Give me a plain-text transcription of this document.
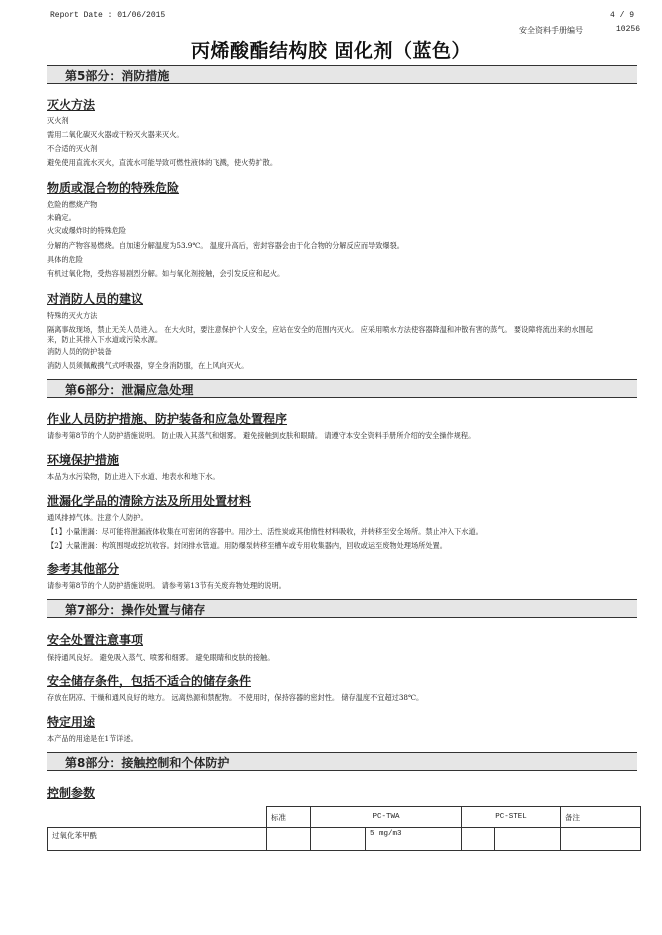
Report Date : 01/06/2015	4 / 9
安全资料手册编号	10256
丙烯酸酯结构胶 固化剂（蓝色）
第5部分：消防措施
灭火方法
灭火剂
需用二氧化碳灭火器或干粉灭火器来灭火。
不合适的灭火剂
避免使用直流水灭火，直流水可能导致可燃性液体的飞溅，使火势扩散。
物质或混合物的特殊危险
危险的燃烧产物
未确定。
火灾或爆炸时的特殊危险
分解的产物容易燃烧。自加速分解温度为53.9℃。 温度升高后，密封容器会由于化合物的分解反应而导致爆裂。
具体的危险
有机过氧化物，受热容易剧烈分解。如与氧化剂接触，会引发反应和起火。
对消防人员的建议
特殊的灭火方法
隔离事故现场，禁止无关人员进入。 在大火时，要注意保护个人安全，应站在安全的范围内灭火。 应采用喷水方法使容器降温和冲散有害的蒸气。 要设障将流出来的水围起来，防止其排入下水道或污染水源。
消防人员的防护装备
消防人员须佩戴携气式呼吸器，穿全身消防服，在上风向灭火。
第6部分：泄漏应急处理
作业人员防护措施、防护装备和应急处置程序
请参考第8节的个人防护措施说明。 防止吸入其蒸气和烟雾。 避免接触到皮肤和眼睛。 请遵守本安全资料手册所介绍的安全操作规程。
环境保护措施
本品为水污染物，防止进入下水道、地表水和地下水。
泄漏化学品的清除方法及所用处置材料
通风排掉气体。注意个人防护。
【1】小量泄漏：尽可能将泄漏液体收集在可密闭的容器中。用沙土、活性炭或其他惰性材料吸收，并转移至安全场所。禁止冲入下水道。
【2】大量泄漏：构筑围堤或挖坑收容。封闭排水管道。用防爆泵转移至槽车或专用收集器内，回收或运至废物处理场所处置。
参考其他部分
请参考第8节的个人防护措施说明。 请参考第13节有关废弃物处理的说明。
第7部分：操作处置与储存
安全处置注意事项
保持通风良好。 避免吸入蒸气、喷雾和细雾。 避免眼睛和皮肤的接触。
安全储存条件，包括不适合的储存条件
存放在阴凉、干燥和通风良好的地方。 远离热源和禁配物。 不使用时，保持容器的密封性。 储存温度不宜超过38℃。
特定用途
本产品的用途是在1节详述。
第8部分：接触控制和个体防护
控制参数
	标准	PC-TWA		PC-STEL		备注
过氧化苯甲酰			5 mg/m3			
